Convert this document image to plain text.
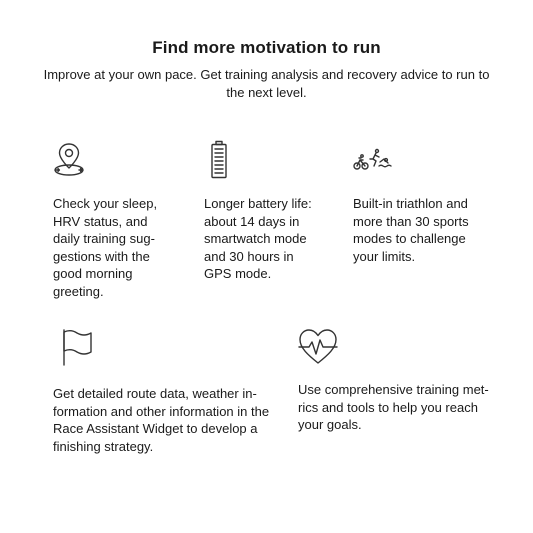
Find more motivation to run
Improve at your own pace. Get training analysis and recovery advice to run to the next level.
Check your sleep, HRV status, and daily training suggestions with the good morning greeting.
Longer battery life: about 14 days in smartwatch mode and 30 hours in GPS mode.
Built-in triathlon and more than 30 sports modes to challenge your limits.
Get detailed route data, weather information and other information in the Race Assistant Widget to develop a finishing strategy.
Use comprehensive training metrics and tools to help you reach your goals.
